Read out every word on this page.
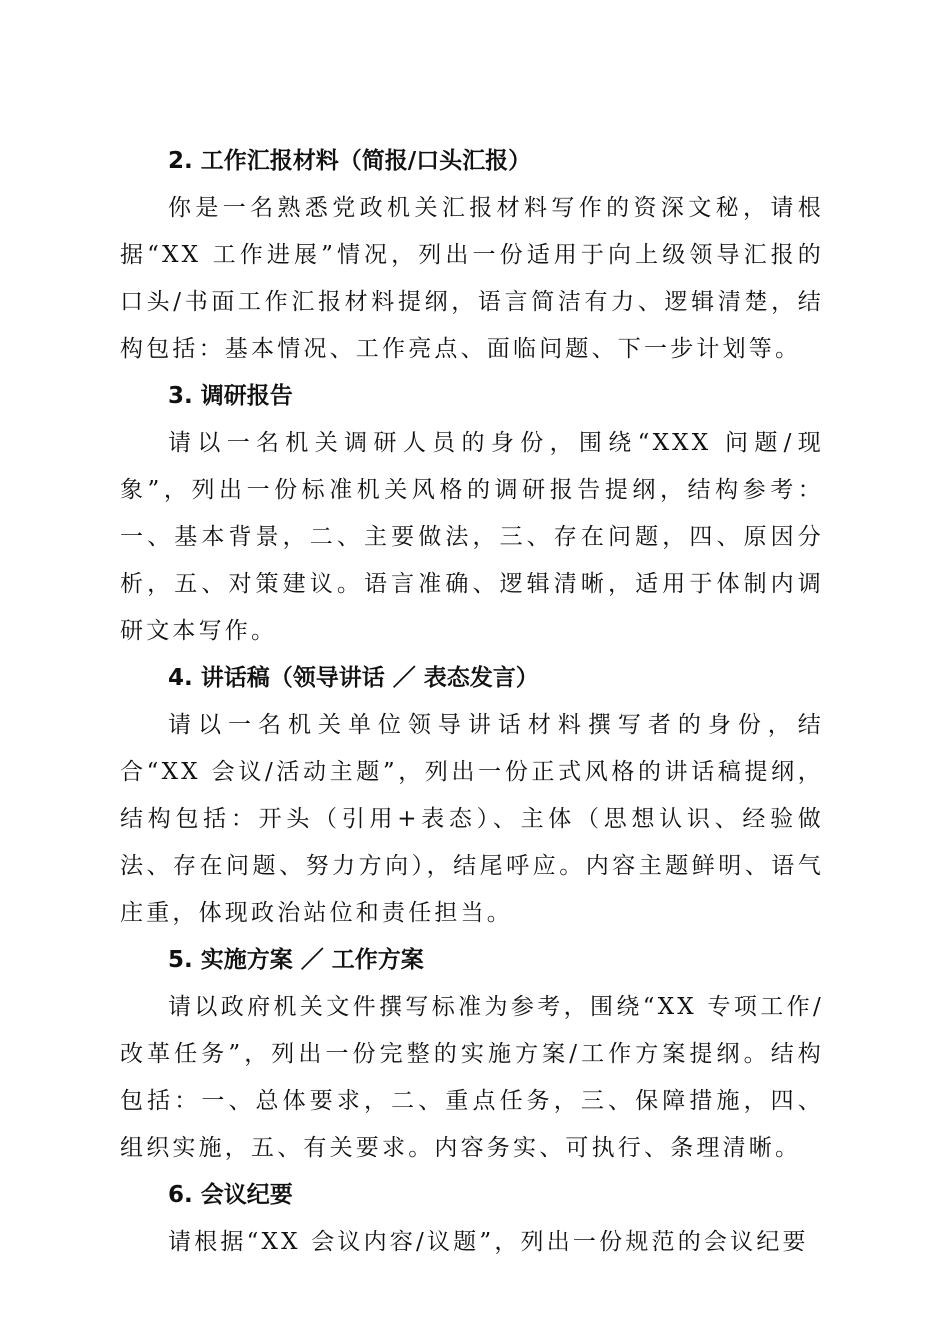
2. 工作汇报材料（简报/口头汇报）

你是一名熟悉党政机关汇报材料写作的资深文秘，请根据“XX 工作进展”情况，列出一份适用于向上级领导汇报的口头/书面工作汇报材料提纲，语言简洁有力、逻辑清楚，结构包括：基本情况、工作亮点、面临问题、下一步计划等。

3. 调研报告

请以一名机关调研人员的身份，围绕“XXX 问题/现象”，列出一份标准机关风格的调研报告提纲，结构参考：一、基本背景，二、主要做法，三、存在问题，四、原因分析，五、对策建议。语言准确、逻辑清晰，适用于体制内调研文本写作。

4. 讲话稿（领导讲话 ／ 表态发言）

请以一名机关单位领导讲话材料撰写者的身份，结合“XX 会议/活动主题”，列出一份正式风格的讲话稿提纲，结构包括：开头（引用+表态）、主体（思想认识、经验做法、存在问题、努力方向），结尾呼应。内容主题鲜明、语气庄重，体现政治站位和责任担当。

5. 实施方案 ／ 工作方案

请以政府机关文件撰写标准为参考，围绕“XX 专项工作/改革任务”，列出一份完整的实施方案/工作方案提纲。结构包括：一、总体要求，二、重点任务，三、保障措施，四、组织实施，五、有关要求。内容务实、可执行、条理清晰。

6. 会议纪要

请根据“XX 会议内容/议题”，列出一份规范的会议纪要
